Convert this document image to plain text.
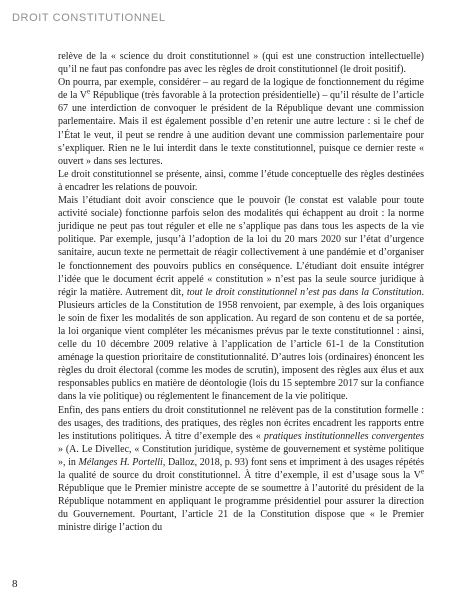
DROIT CONSTITUTIONNEL

relève de la « science du droit constitutionnel » (qui est une construction intellectuelle) qu’il ne faut pas confondre pas avec les règles de droit constitutionnel (le droit positif).

On pourra, par exemple, considérer – au regard de la logique de fonctionnement du régime de la Ve République (très favorable à la protection présidentielle) – qu’il résulte de l’article 67 une interdiction de convoquer le président de la République devant une commission parlementaire. Mais il est également possible d’en retenir une autre lecture : si le chef de l’État le veut, il peut se rendre à une audition devant une commission parlementaire pour s’expliquer. Rien ne le lui interdit dans le texte constitutionnel, puisque ce dernier reste « ouvert » dans ses lectures.

Le droit constitutionnel se présente, ainsi, comme l’étude conceptuelle des règles destinées à encadrer les relations de pouvoir.

Mais l’étudiant doit avoir conscience que le pouvoir (le constat est valable pour toute activité sociale) fonctionne parfois selon des modalités qui échappent au droit : la norme juridique ne peut pas tout réguler et elle ne s’applique pas dans tous les aspects de la vie politique. Par exemple, jusqu’à l’adoption de la loi du 20 mars 2020 sur l’état d’urgence sanitaire, aucun texte ne permettait de réagir collectivement à une pandémie et d’organiser le fonctionnement des pouvoirs publics en conséquence. L’étudiant doit ensuite intégrer l’idée que le document écrit appelé « constitution » n’est pas la seule source juridique à régir la matière. Autrement dit, tout le droit constitutionnel n’est pas dans la Constitution. Plusieurs articles de la Constitution de 1958 renvoient, par exemple, à des lois organiques le soin de fixer les modalités de son application. Au regard de son contenu et de sa portée, la loi organique vient compléter les mécanismes prévus par le texte constitutionnel : ainsi, celle du 10 décembre 2009 relative à l’application de l’article 61-1 de la Constitution aménage la question prioritaire de constitutionnalité. D’autres lois (ordinaires) énoncent les règles du droit électoral (comme les modes de scrutin), imposent des règles aux élus et aux responsables publics en matière de déontologie (lois du 15 septembre 2017 sur la confiance dans la vie politique) ou réglementent le financement de la vie politique.

Enfin, des pans entiers du droit constitutionnel ne relèvent pas de la constitution formelle : des usages, des traditions, des pratiques, des règles non écrites encadrent les rapports entre les institutions politiques. À titre d’exemple des « pratiques institutionnelles convergentes » (A. Le Divellec, « Constitution juridique, système de gouvernement et système politique », in Mélanges H. Portelli, Dalloz, 2018, p. 93) font sens et impriment à des usages répétés la qualité de source du droit constitutionnel. À titre d’exemple, il est d’usage sous la Ve République que le Premier ministre accepte de se soumettre à l’autorité du président de la République notamment en appliquant le programme présidentiel pour assurer la direction du Gouvernement. Pourtant, l’article 21 de la Constitution dispose que « le Premier ministre dirige l’action du

8
